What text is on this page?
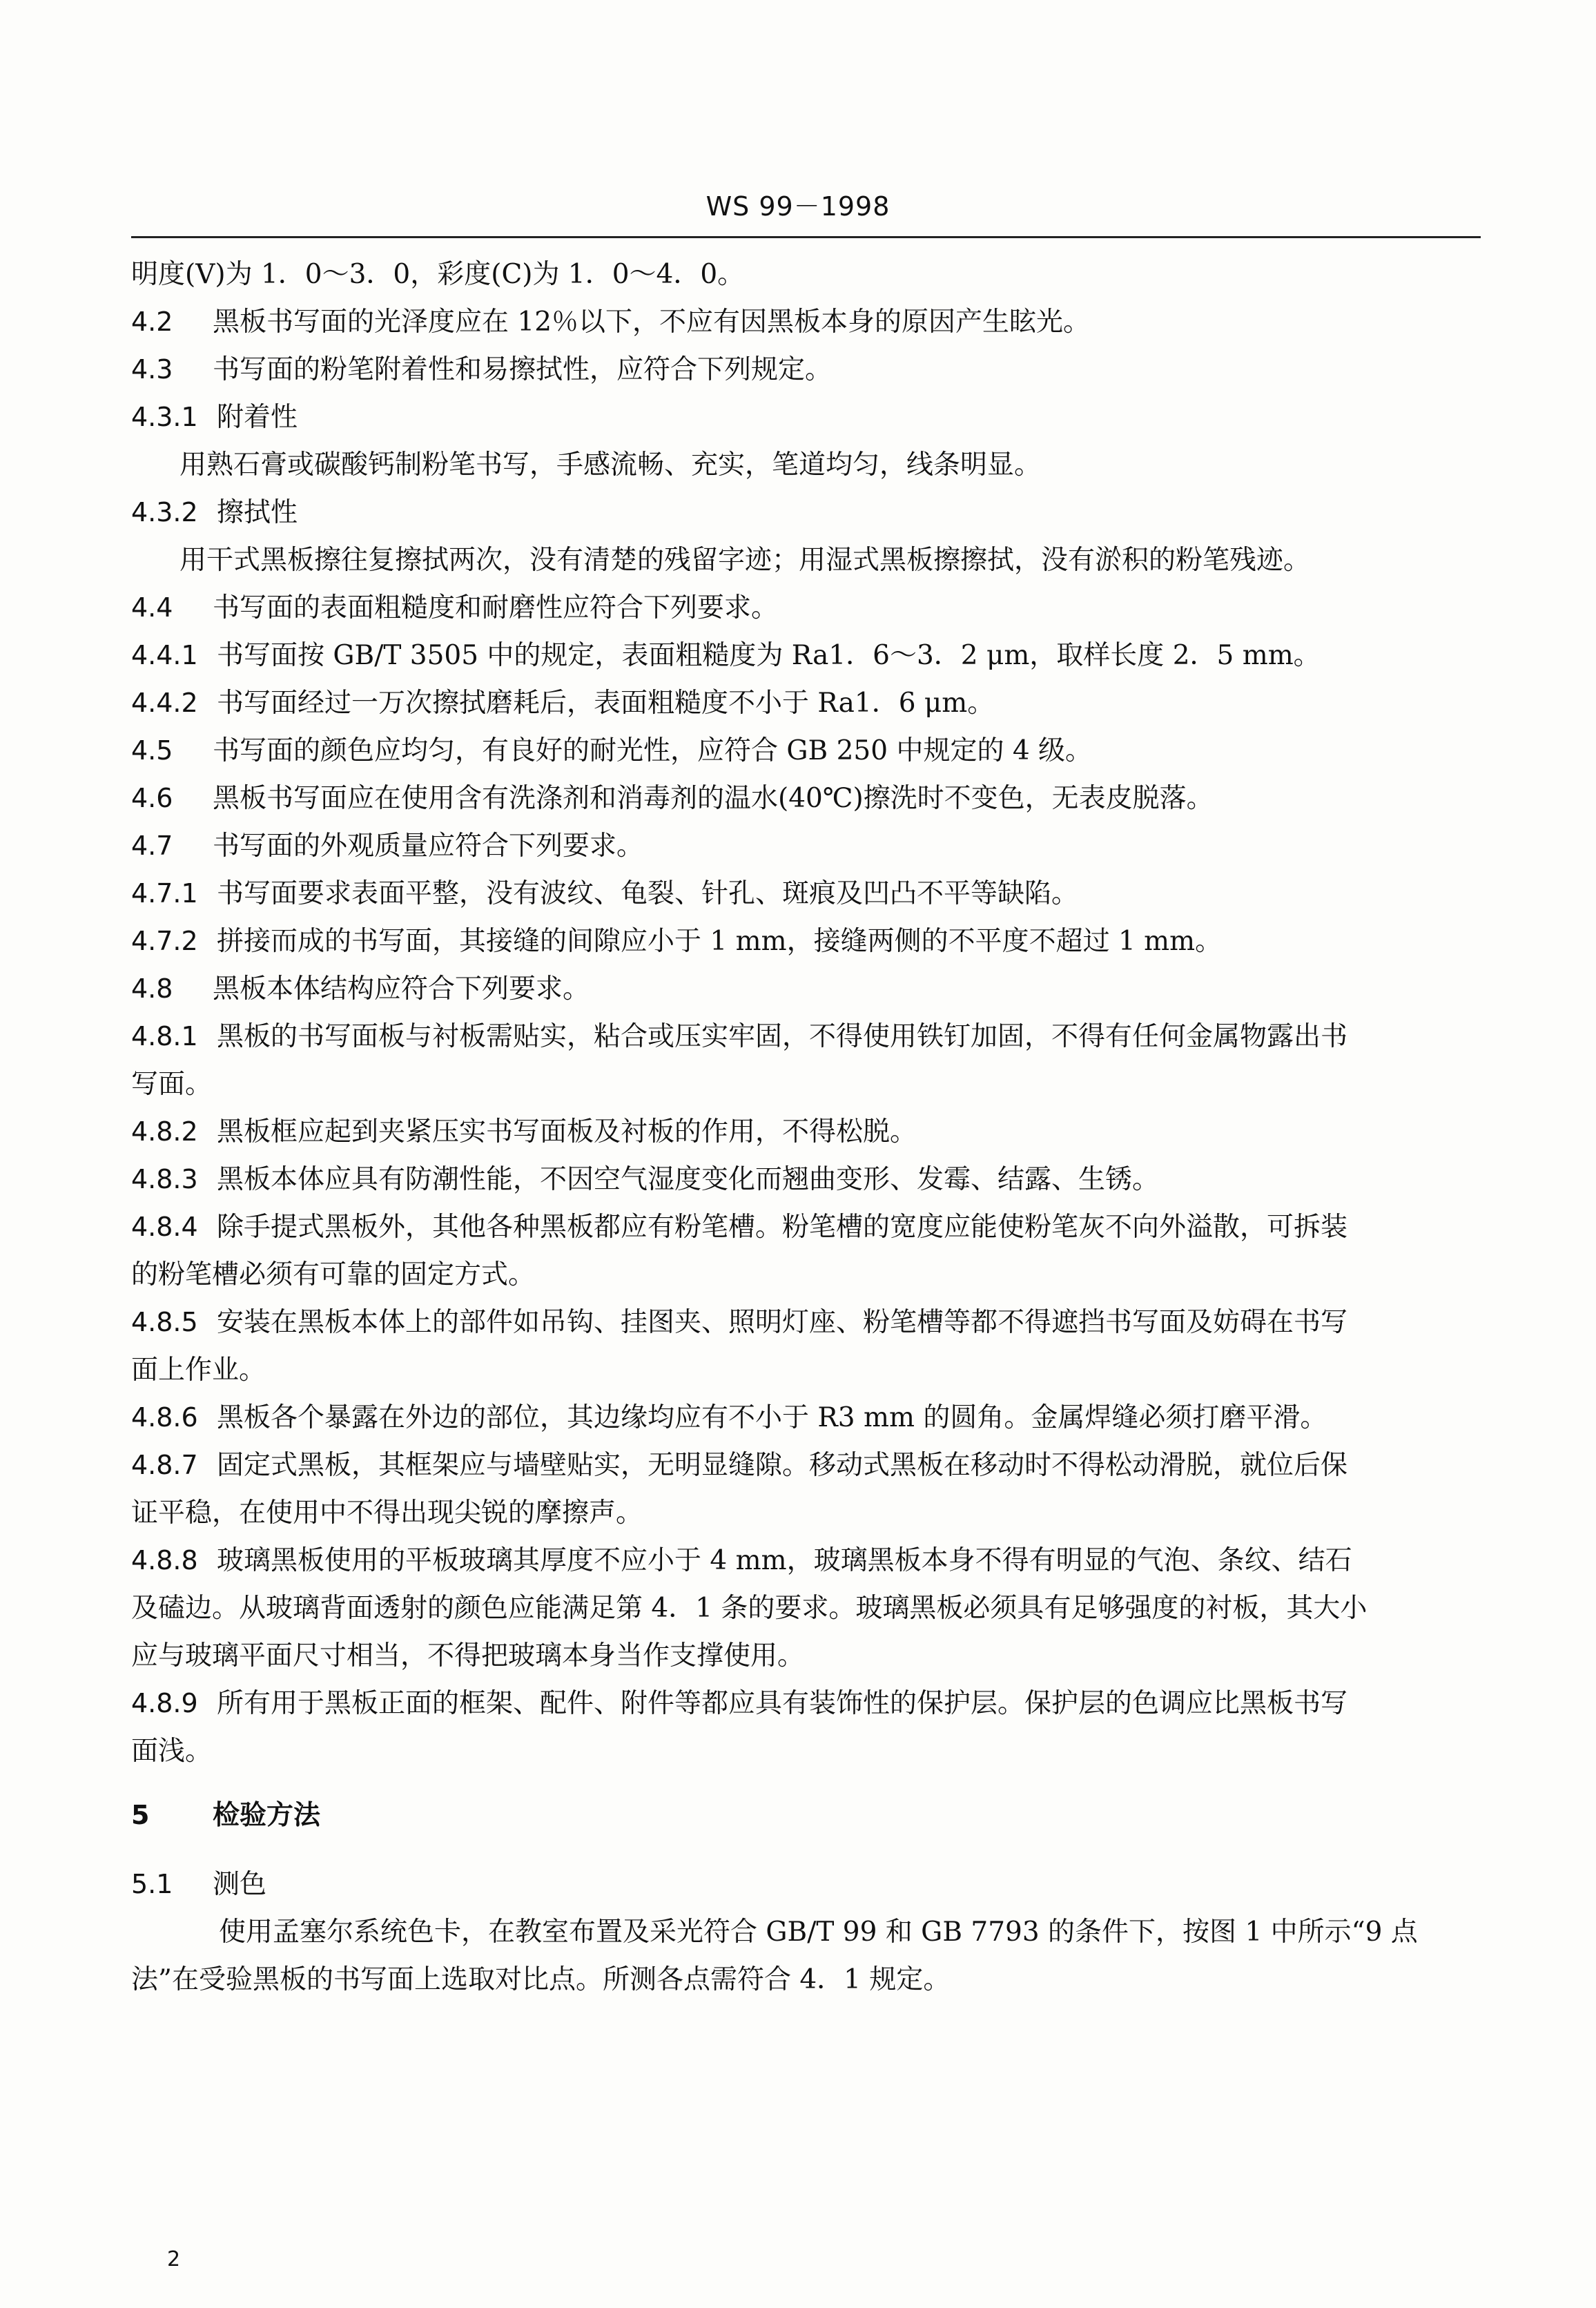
WS 99－1998
明度(V)为 1．0～3．0，彩度(C)为 1．0～4．0。
4.2 黑板书写面的光泽度应在 12％以下，不应有因黑板本身的原因产生眩光。
4.3 书写面的粉笔附着性和易擦拭性，应符合下列规定。
4.3.1 附着性
用熟石膏或碳酸钙制粉笔书写，手感流畅、充实，笔道均匀，线条明显。
4.3.2 擦拭性
用干式黑板擦往复擦拭两次，没有清楚的残留字迹；用湿式黑板擦擦拭，没有淤积的粉笔残迹。
4.4 书写面的表面粗糙度和耐磨性应符合下列要求。
4.4.1 书写面按 GB/T 3505 中的规定，表面粗糙度为 Ra1．6～3．2 μm，取样长度 2．5 mm。
4.4.2 书写面经过一万次擦拭磨耗后，表面粗糙度不小于 Ra1．6 μm。
4.5 书写面的颜色应均匀，有良好的耐光性，应符合 GB 250 中规定的 4 级。
4.6 黑板书写面应在使用含有洗涤剂和消毒剂的温水(40℃)擦洗时不变色，无表皮脱落。
4.7 书写面的外观质量应符合下列要求。
4.7.1 书写面要求表面平整，没有波纹、龟裂、针孔、斑痕及凹凸不平等缺陷。
4.7.2 拼接而成的书写面，其接缝的间隙应小于 1 mm，接缝两侧的不平度不超过 1 mm。
4.8 黑板本体结构应符合下列要求。
4.8.1 黑板的书写面板与衬板需贴实，粘合或压实牢固，不得使用铁钉加固，不得有任何金属物露出书
写面。
4.8.2 黑板框应起到夹紧压实书写面板及衬板的作用，不得松脱。
4.8.3 黑板本体应具有防潮性能，不因空气湿度变化而翘曲变形、发霉、结露、生锈。
4.8.4 除手提式黑板外，其他各种黑板都应有粉笔槽。粉笔槽的宽度应能使粉笔灰不向外溢散，可拆装
的粉笔槽必须有可靠的固定方式。
4.8.5 安装在黑板本体上的部件如吊钩、挂图夹、照明灯座、粉笔槽等都不得遮挡书写面及妨碍在书写
面上作业。
4.8.6 黑板各个暴露在外边的部位，其边缘均应有不小于 R3 mm 的圆角。金属焊缝必须打磨平滑。
4.8.7 固定式黑板，其框架应与墙壁贴实，无明显缝隙。移动式黑板在移动时不得松动滑脱，就位后保
证平稳，在使用中不得出现尖锐的摩擦声。
4.8.8 玻璃黑板使用的平板玻璃其厚度不应小于 4 mm，玻璃黑板本身不得有明显的气泡、条纹、结石
及磕边。从玻璃背面透射的颜色应能满足第 4．1 条的要求。玻璃黑板必须具有足够强度的衬板，其大小
应与玻璃平面尺寸相当，不得把玻璃本身当作支撑使用。
4.8.9 所有用于黑板正面的框架、配件、附件等都应具有装饰性的保护层。保护层的色调应比黑板书写
面浅。
5 检验方法
5.1 测色
使用孟塞尔系统色卡，在教室布置及采光符合 GB/T 99 和 GB 7793 的条件下，按图 1 中所示“9 点
法”在受验黑板的书写面上选取对比点。所测各点需符合 4．1 规定。
2
